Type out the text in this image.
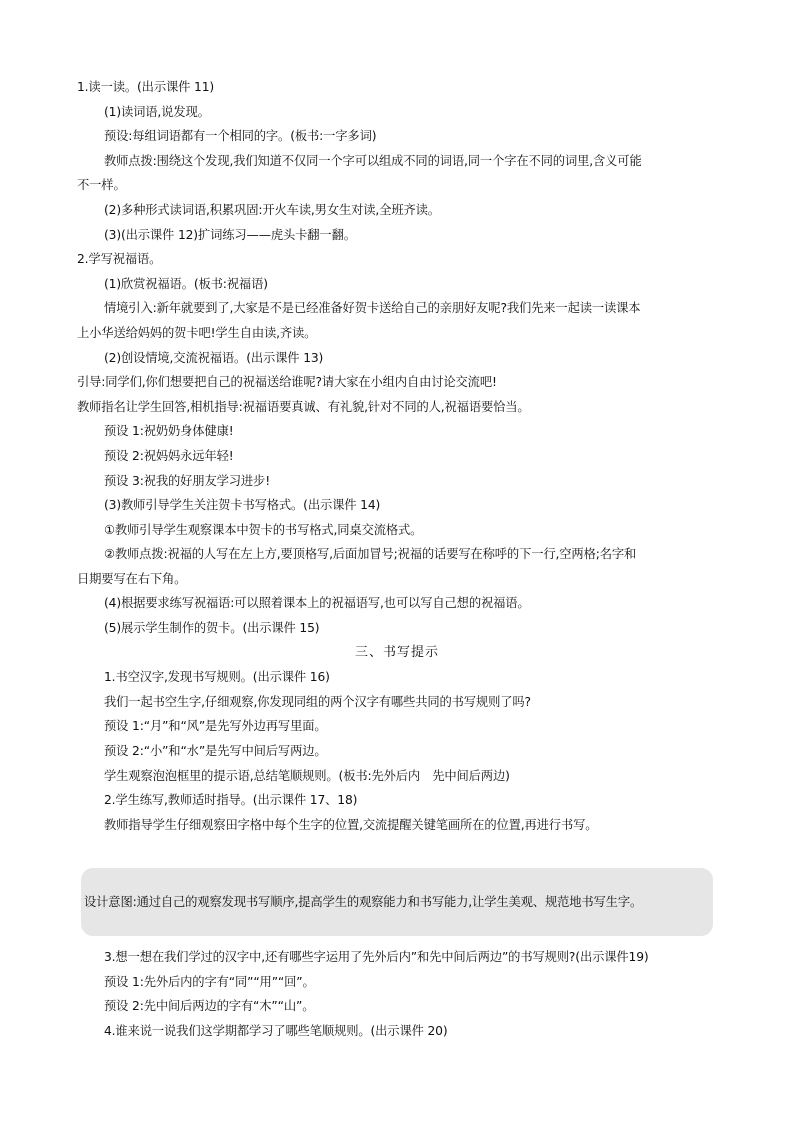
1.读一读。(出示课件 11)

(1)读词语,说发现。

预设:每组词语都有一个相同的字。(板书:一字多词)

教师点拨:围绕这个发现,我们知道不仅同一个字可以组成不同的词语,同一个字在不同的词里,含义可能

不一样。

(2)多种形式读词语,积累巩固:开火车读,男女生对读,全班齐读。

(3)(出示课件 12)扩词练习——虎头卡翻一翻。

2.学写祝福语。

(1)欣赏祝福语。(板书:祝福语)

情境引入:新年就要到了,大家是不是已经准备好贺卡送给自己的亲朋好友呢?我们先来一起读一读课本

上小华送给妈妈的贺卡吧!学生自由读,齐读。

(2)创设情境,交流祝福语。(出示课件 13)

引导:同学们,你们想要把自己的祝福送给谁呢?请大家在小组内自由讨论交流吧!

教师指名让学生回答,相机指导:祝福语要真诚、有礼貌,针对不同的人,祝福语要恰当。

预设 1:祝奶奶身体健康!

预设 2:祝妈妈永远年轻!

预设 3:祝我的好朋友学习进步!

(3)教师引导学生关注贺卡书写格式。(出示课件 14)

①教师引导学生观察课本中贺卡的书写格式,同桌交流格式。

②教师点拨:祝福的人写在左上方,要顶格写,后面加冒号;祝福的话要写在称呼的下一行,空两格;名字和

日期要写在右下角。

(4)根据要求练写祝福语:可以照着课本上的祝福语写,也可以写自己想的祝福语。

(5)展示学生制作的贺卡。(出示课件 15)

三、书写提示

1.书空汉字,发现书写规则。(出示课件 16)

我们一起书空生字,仔细观察,你发现同组的两个汉字有哪些共同的书写规则了吗?

预设 1:“月”和“风”是先写外边再写里面。

预设 2:“小”和“水”是先写中间后写两边。

学生观察泡泡框里的提示语,总结笔顺规则。(板书:先外后内　先中间后两边)

2.学生练写,教师适时指导。(出示课件 17、18)

教师指导学生仔细观察田字格中每个生字的位置,交流提醒关键笔画所在的位置,再进行书写。

设计意图:通过自己的观察发现书写顺序,提高学生的观察能力和书写能力,让学生美观、规范地书写生字。

3.想一想在我们学过的汉字中,还有哪些字运用了先外后内”和先中间后两边”的书写规则?(出示课件19)

预设 1:先外后内的字有“同”“用”“回”。

预设 2:先中间后两边的字有“木”“山”。

4.谁来说一说我们这学期都学习了哪些笔顺规则。(出示课件 20)
